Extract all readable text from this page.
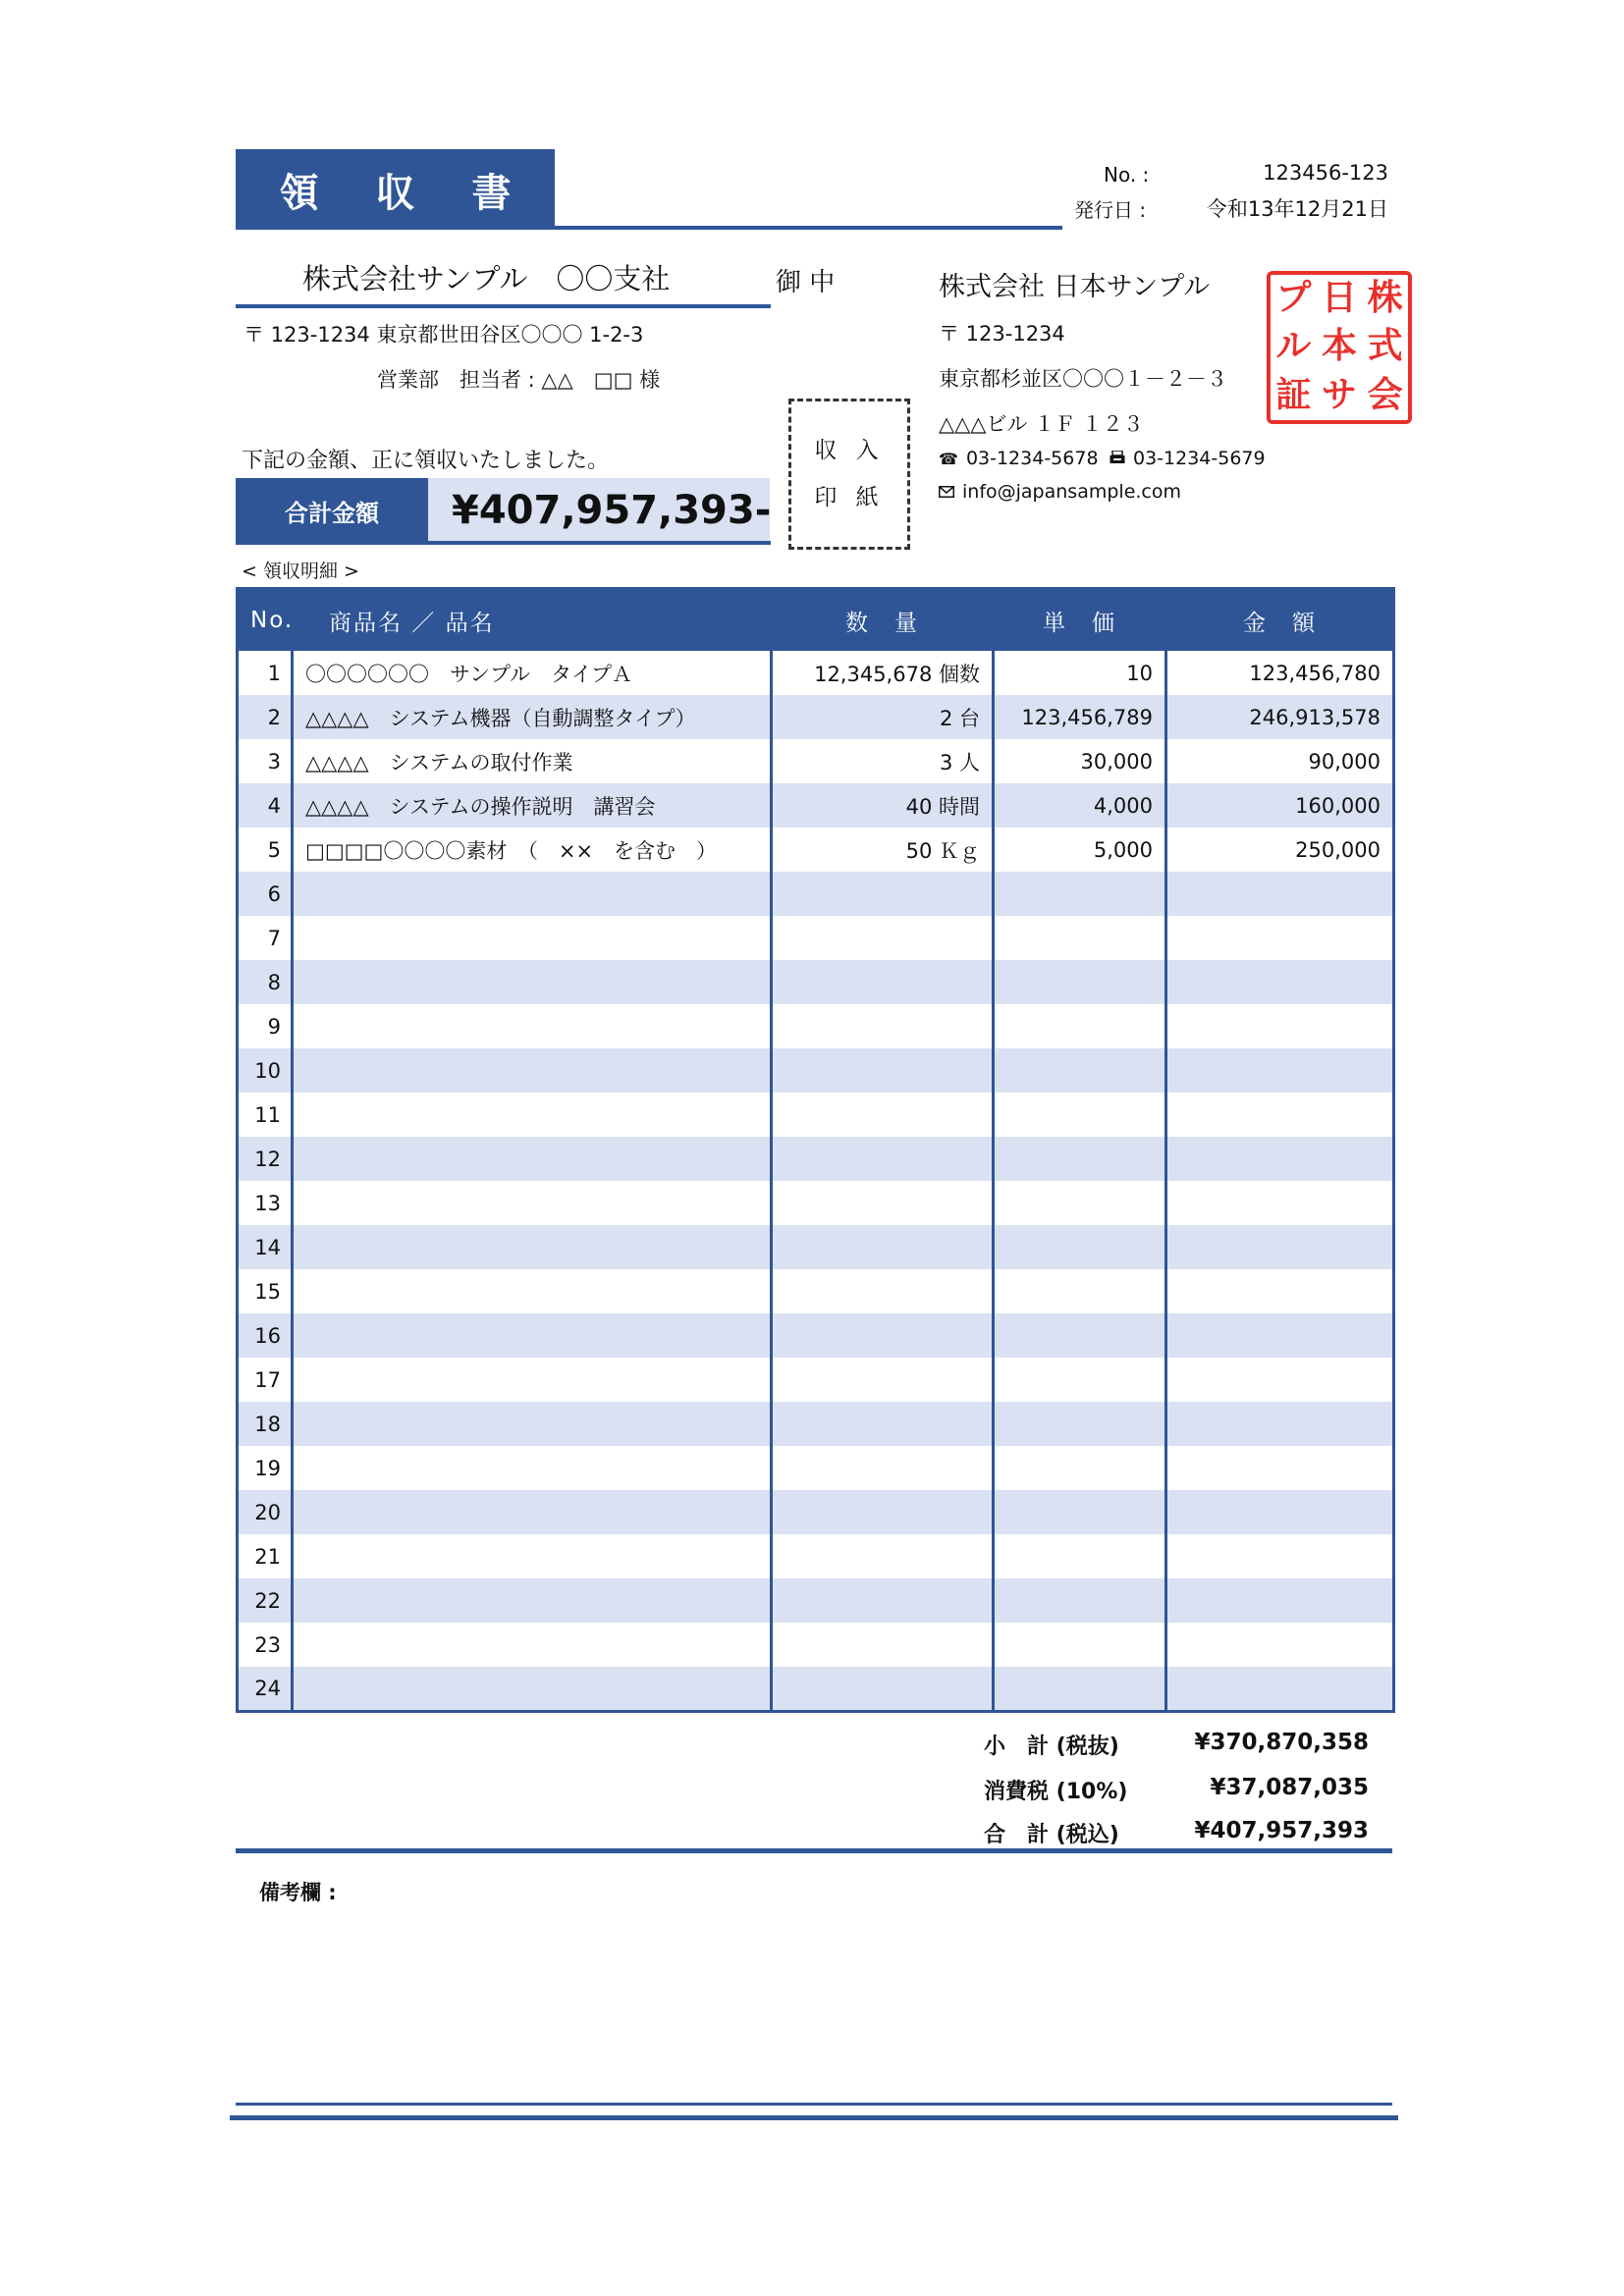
領 収 書	No. :	123456-123
発行日 :	令和13年12月21日
株式会社サンプル　〇〇支社	御 中
〒 123-1234 東京都世田谷区〇〇〇 1-2-3
営業部　担当者 : △△　□□ 様
下記の金額、正に領収いたしました。
合計金額	¥407,957,393-
収 入
印 紙
株式会社 日本サンプル
〒 123-1234
東京都杉並区〇〇〇１－２－３
△△△ビル １Ｆ １２３
☎ 03-1234-5678 03-1234-5679
info@japansample.com
株
式
会
日
本
サ
プ
ル
証
< 領収明細 >
No.	商品名 ／ 品名	数　量	単　価	金　額
1	〇〇〇〇〇〇　サンプル　タイプＡ	12,345,678 個数	10	123,456,780
2	△△△△　システム機器（自動調整タイプ）	2 台	123,456,789	246,913,578
3	△△△△　システムの取付作業	3 人	30,000	90,000
4	△△△△　システムの操作説明　講習会	40 時間	4,000	160,000
5	□□□□〇〇〇〇素材　（　××　を含む　）	50 Ｋｇ	5,000	250,000
6				
7				
8				
9				
10				
11				
12				
13				
14				
15				
16				
17				
18				
19				
20				
21				
22				
23				
24				
小　計 (税抜)	¥370,870,358
消費税 (10%)	¥37,087,035
合　計 (税込)	¥407,957,393
備考欄 :
